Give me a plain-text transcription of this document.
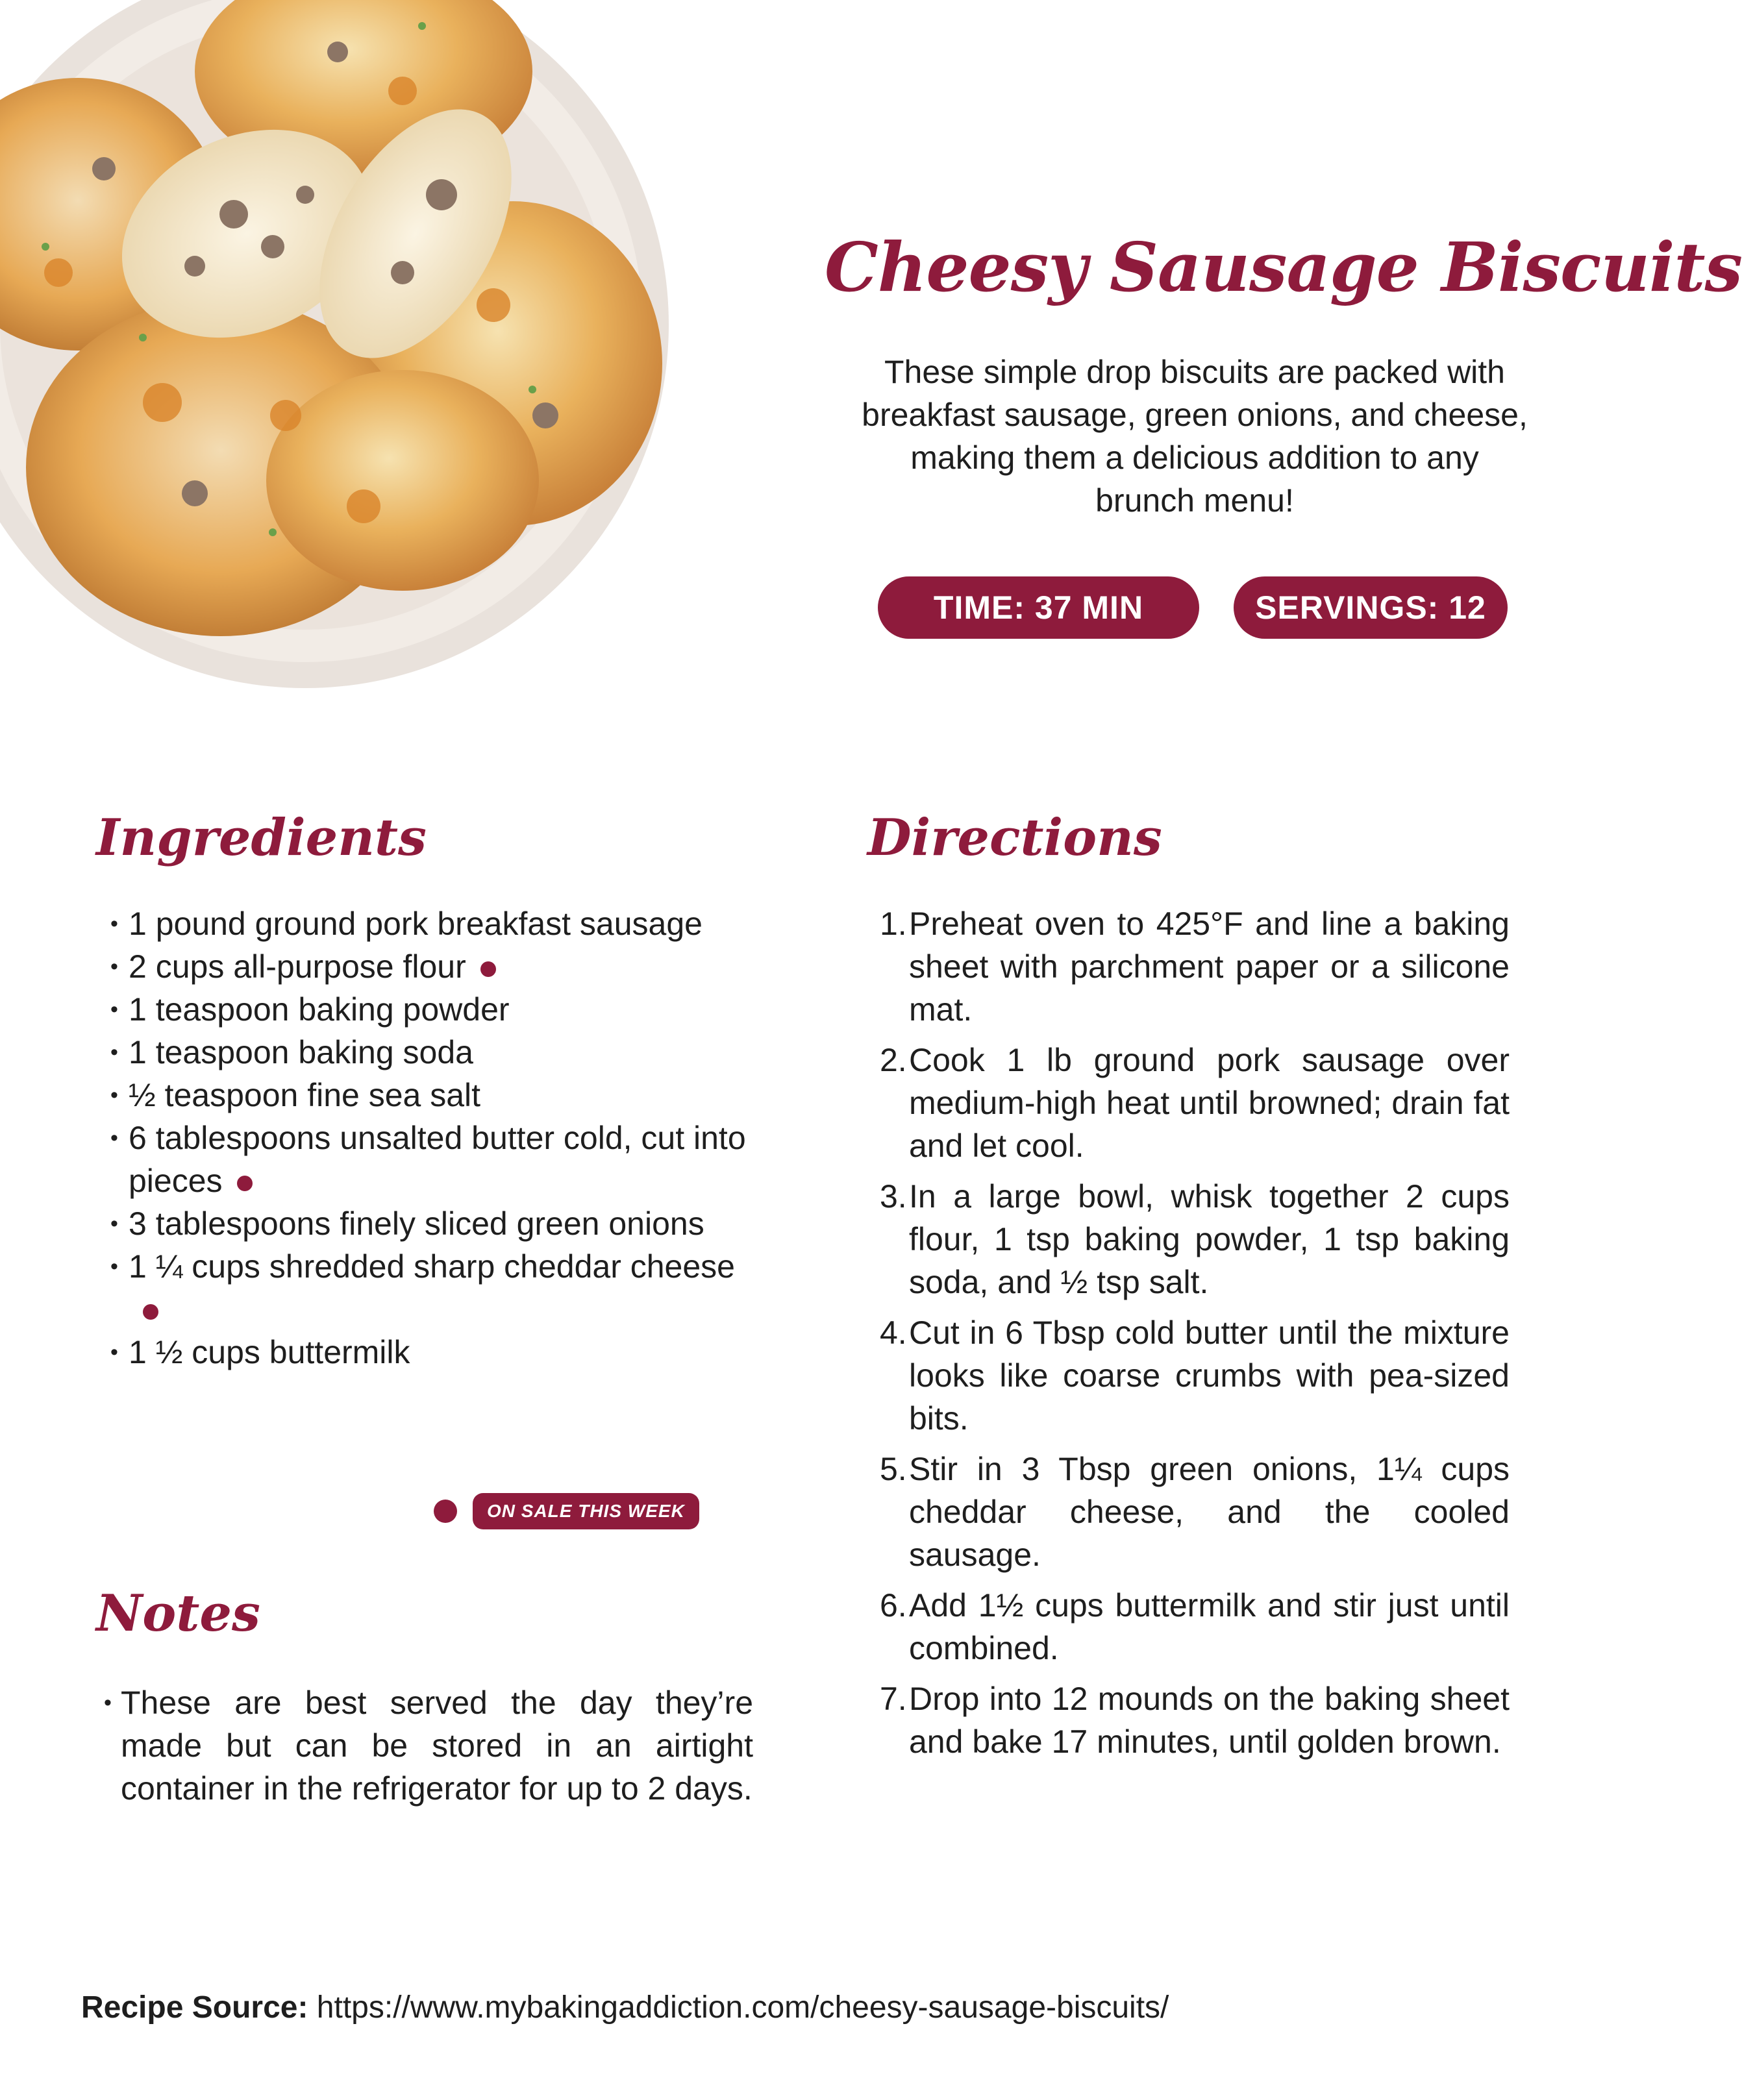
Cheesy Sausage Biscuits

These simple drop biscuits are packed with breakfast sausage, green onions, and cheese, making them a delicious addition to any brunch menu!

TIME: 37 MIN	SERVINGS: 12
Ingredients
• 1 pound ground pork breakfast sausage
• 2 cups all-purpose flour
• 1 teaspoon baking powder
• 1 teaspoon baking soda
• ½ teaspoon fine sea salt
• 6 tablespoons unsalted butter cold, cut into pieces
• 3 tablespoons finely sliced green onions
• 1 ¼ cups shredded sharp cheddar cheese
• 1 ½ cups buttermilk
ON SALE THIS WEEK
Notes
• These are best served the day they’re made but can be stored in an airtight container in the refrigerator for up to 2 days.
Directions
1. Preheat oven to 425°F and line a baking sheet with parchment paper or a silicone mat.
2. Cook 1 lb ground pork sausage over medium-high heat until browned; drain fat and let cool.
3. In a large bowl, whisk together 2 cups flour, 1 tsp baking powder, 1 tsp baking soda, and ½ tsp salt.
4. Cut in 6 Tbsp cold butter until the mixture looks like coarse crumbs with pea-sized bits.
5. Stir in 3 Tbsp green onions, 1¼ cups cheddar cheese, and the cooled sausage.
6. Add 1½ cups buttermilk and stir just until combined.
7. Drop into 12 mounds on the baking sheet and bake 17 minutes, until golden brown.

Recipe Source: https://www.mybakingaddiction.com/cheesy-sausage-biscuits/
